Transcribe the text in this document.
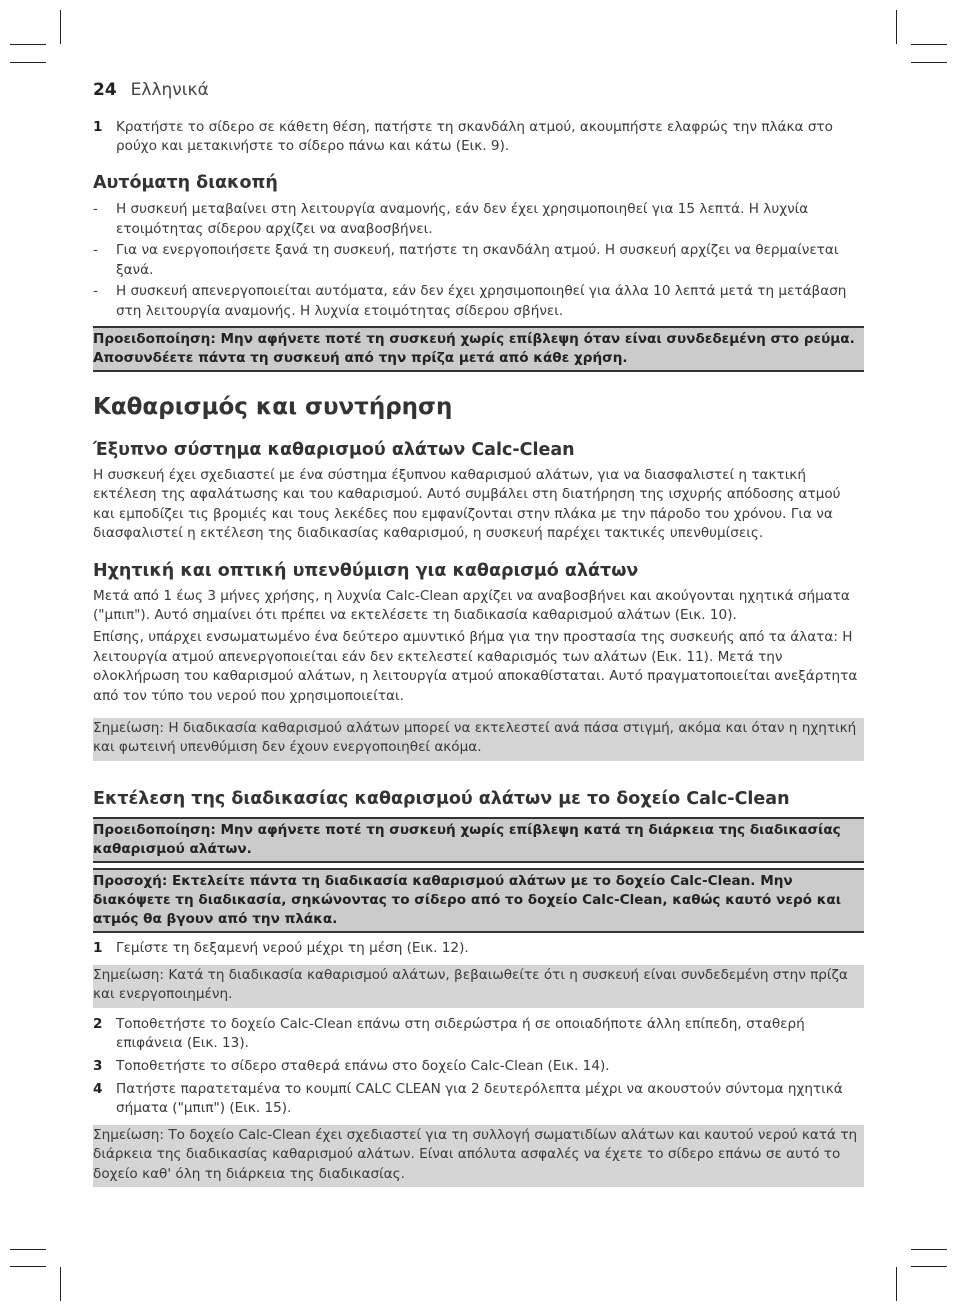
24 Ελληνικά
1 Κρατήστε το σίδερο σε κάθετη θέση, πατήστε τη σκανδάλη ατμού, ακουμπήστε ελαφρώς την πλάκα στο ρούχο και μετακινήστε το σίδερο πάνω και κάτω (Εικ. 9).
Αυτόματη διακοπή
-	Η συσκευή μεταβαίνει στη λειτουργία αναμονής, εάν δεν έχει χρησιμοποιηθεί για 15 λεπτά. Η λυχνία ετοιμότητας σίδερου αρχίζει να αναβοσβήνει.
-	Για να ενεργοποιήσετε ξανά τη συσκευή, πατήστε τη σκανδάλη ατμού. Η συσκευή αρχίζει να θερμαίνεται ξανά.
-	Η συσκευή απενεργοποιείται αυτόματα, εάν δεν έχει χρησιμοποιηθεί για άλλα 10 λεπτά μετά τη μετάβαση στη λειτουργία αναμονής. Η λυχνία ετοιμότητας σίδερου σβήνει.
Προειδοποίηση: Μην αφήνετε ποτέ τη συσκευή χωρίς επίβλεψη όταν είναι συνδεδεμένη στο ρεύμα. Αποσυνδέετε πάντα τη συσκευή από την πρίζα μετά από κάθε χρήση.
Καθαρισμός και συντήρηση
Έξυπνο σύστημα καθαρισμού αλάτων Calc-Clean

Η συσκευή έχει σχεδιαστεί με ένα σύστημα έξυπνου καθαρισμού αλάτων, για να διασφαλιστεί η τακτική εκτέλεση της αφαλάτωσης και του καθαρισμού. Αυτό συμβάλει στη διατήρηση της ισχυρής απόδοσης ατμού και εμποδίζει τις βρομιές και τους λεκέδες που εμφανίζονται στην πλάκα με την πάροδο του χρόνου. Για να διασφαλιστεί η εκτέλεση της διαδικασίας καθαρισμού, η συσκευή παρέχει τακτικές υπενθυμίσεις.

Ηχητική και οπτική υπενθύμιση για καθαρισμό αλάτων

Μετά από 1 έως 3 μήνες χρήσης, η λυχνία Calc-Clean αρχίζει να αναβοσβήνει και ακούγονται ηχητικά σήματα ("μπιπ"). Αυτό σημαίνει ότι πρέπει να εκτελέσετε τη διαδικασία καθαρισμού αλάτων (Εικ. 10).

Επίσης, υπάρχει ενσωματωμένο ένα δεύτερο αμυντικό βήμα για την προστασία της συσκευής από τα άλατα: Η λειτουργία ατμού απενεργοποιείται εάν δεν εκτελεστεί καθαρισμός των αλάτων (Εικ. 11). Μετά την ολοκλήρωση του καθαρισμού αλάτων, η λειτουργία ατμού αποκαθίσταται. Αυτό πραγματοποιείται ανεξάρτητα από τον τύπο του νερού που χρησιμοποιείται.

Σημείωση: Η διαδικασία καθαρισμού αλάτων μπορεί να εκτελεστεί ανά πάσα στιγμή, ακόμα και όταν η ηχητική και φωτεινή υπενθύμιση δεν έχουν ενεργοποιηθεί ακόμα.
Εκτέλεση της διαδικασίας καθαρισμού αλάτων με το δοχείο Calc-Clean
Προειδοποίηση: Μην αφήνετε ποτέ τη συσκευή χωρίς επίβλεψη κατά τη διάρκεια της διαδικασίας καθαρισμού αλάτων.
Προσοχή: Εκτελείτε πάντα τη διαδικασία καθαρισμού αλάτων με το δοχείο Calc-Clean. Μην διακόψετε τη διαδικασία, σηκώνοντας το σίδερο από το δοχείο Calc-Clean, καθώς καυτό νερό και ατμός θα βγουν από την πλάκα.
1 Γεμίστε τη δεξαμενή νερού μέχρι τη μέση (Εικ. 12).
Σημείωση: Κατά τη διαδικασία καθαρισμού αλάτων, βεβαιωθείτε ότι η συσκευή είναι συνδεδεμένη στην πρίζα και ενεργοποιημένη.
2 Τοποθετήστε το δοχείο Calc-Clean επάνω στη σιδερώστρα ή σε οποιαδήποτε άλλη επίπεδη, σταθερή επιφάνεια (Εικ. 13).
3 Τοποθετήστε το σίδερο σταθερά επάνω στο δοχείο Calc-Clean (Εικ. 14).
4 Πατήστε παρατεταμένα το κουμπί CALC CLEAN για 2 δευτερόλεπτα μέχρι να ακουστούν σύντομα ηχητικά σήματα ("μπιπ") (Εικ. 15).
Σημείωση: Το δοχείο Calc-Clean έχει σχεδιαστεί για τη συλλογή σωματιδίων αλάτων και καυτού νερού κατά τη διάρκεια της διαδικασίας καθαρισμού αλάτων. Είναι απόλυτα ασφαλές να έχετε το σίδερο επάνω σε αυτό το δοχείο καθ' όλη τη διάρκεια της διαδικασίας.
